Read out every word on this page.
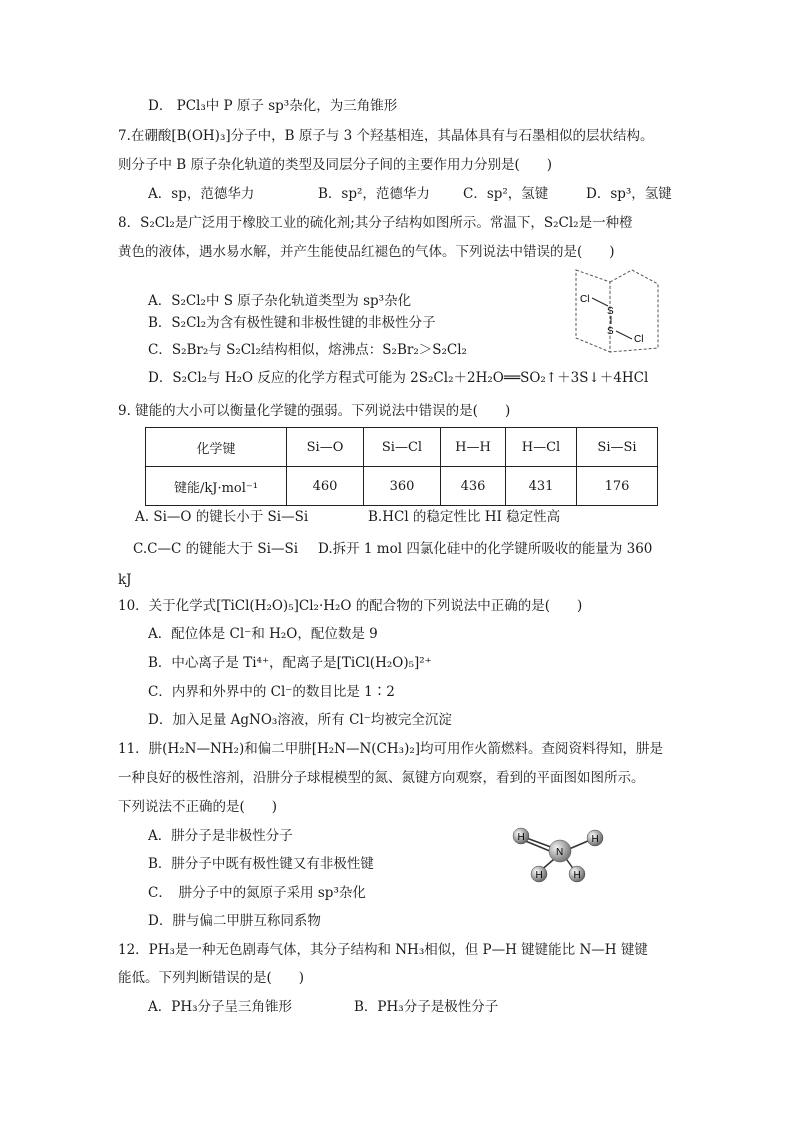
D． PCl₃中 P 原子 sp³杂化，为三角锥形
7.在硼酸[B(OH)₃]分子中，B 原子与 3 个羟基相连，其晶体具有与石墨相似的层状结构。
则分子中 B 原子杂化轨道的类型及同层分子间的主要作用力分别是(　　)
A．sp，范德华力	B．sp²，范德华力 C．sp²，氢键	D．sp³，氢键
8．S₂Cl₂是广泛用于橡胶工业的硫化剂;其分子结构如图所示。常温下，S₂Cl₂是一种橙
黄色的液体，遇水易水解，并产生能使品红褪色的气体。下列说法中错误的是(　　)
A．S₂Cl₂中 S 原子杂化轨道类型为 sp³杂化
B．S₂Cl₂为含有极性键和非极性键的非极性分子
C．S₂Br₂与 S₂Cl₂结构相似，熔沸点：S₂Br₂＞S₂Cl₂
D．S₂Cl₂与 H₂O 反应的化学方程式可能为 2S₂Cl₂＋2H₂O══SO₂↑＋3S↓＋4HCl
Cl
S
S
Cl
9. 键能的大小可以衡量化学键的强弱。下列说法中错误的是(　　)
化学键	Si—O	Si—Cl	H—H	H—Cl	Si—Si
键能/kJ·mol⁻¹	460	360	436	431	176
A. Si—O 的键长小于 Si—Si	B.HCl 的稳定性比 HI 稳定性高
C.C—C 的键能大于 Si—Si D.拆开 1 mol 四氯化硅中的化学键所吸收的能量为 360
kJ
10．关于化学式[TiCl(H₂O)₅]Cl₂·H₂O 的配合物的下列说法中正确的是(　　)
A．配位体是 Cl⁻和 H₂O，配位数是 9
B．中心离子是 Ti⁴⁺，配离子是[TiCl(H₂O)₅]²⁺
C．内界和外界中的 Cl⁻的数目比是 1∶2
D．加入足量 AgNO₃溶液，所有 Cl⁻均被完全沉淀
11．肼(H₂N—NH₂)和偏二甲肼[H₂N—N(CH₃)₂]均可用作火箭燃料。查阅资料得知，肼是
一种良好的极性溶剂，沿肼分子球棍模型的氮、氮键方向观察，看到的平面图如图所示。
下列说法不正确的是(　　)
A．肼分子是非极性分子
B．肼分子中既有极性键又有非极性键
C．　肼分子中的氮原子采用 sp³杂化
D．肼与偏二甲肼互称同系物
H
N
H
H	H
12．PH₃是一种无色剧毒气体，其分子结构和 NH₃相似，但 P—H 键键能比 N—H 键键
能低。下列判断错误的是(　　)
A．PH₃分子呈三角锥形	B．PH₃分子是极性分子
